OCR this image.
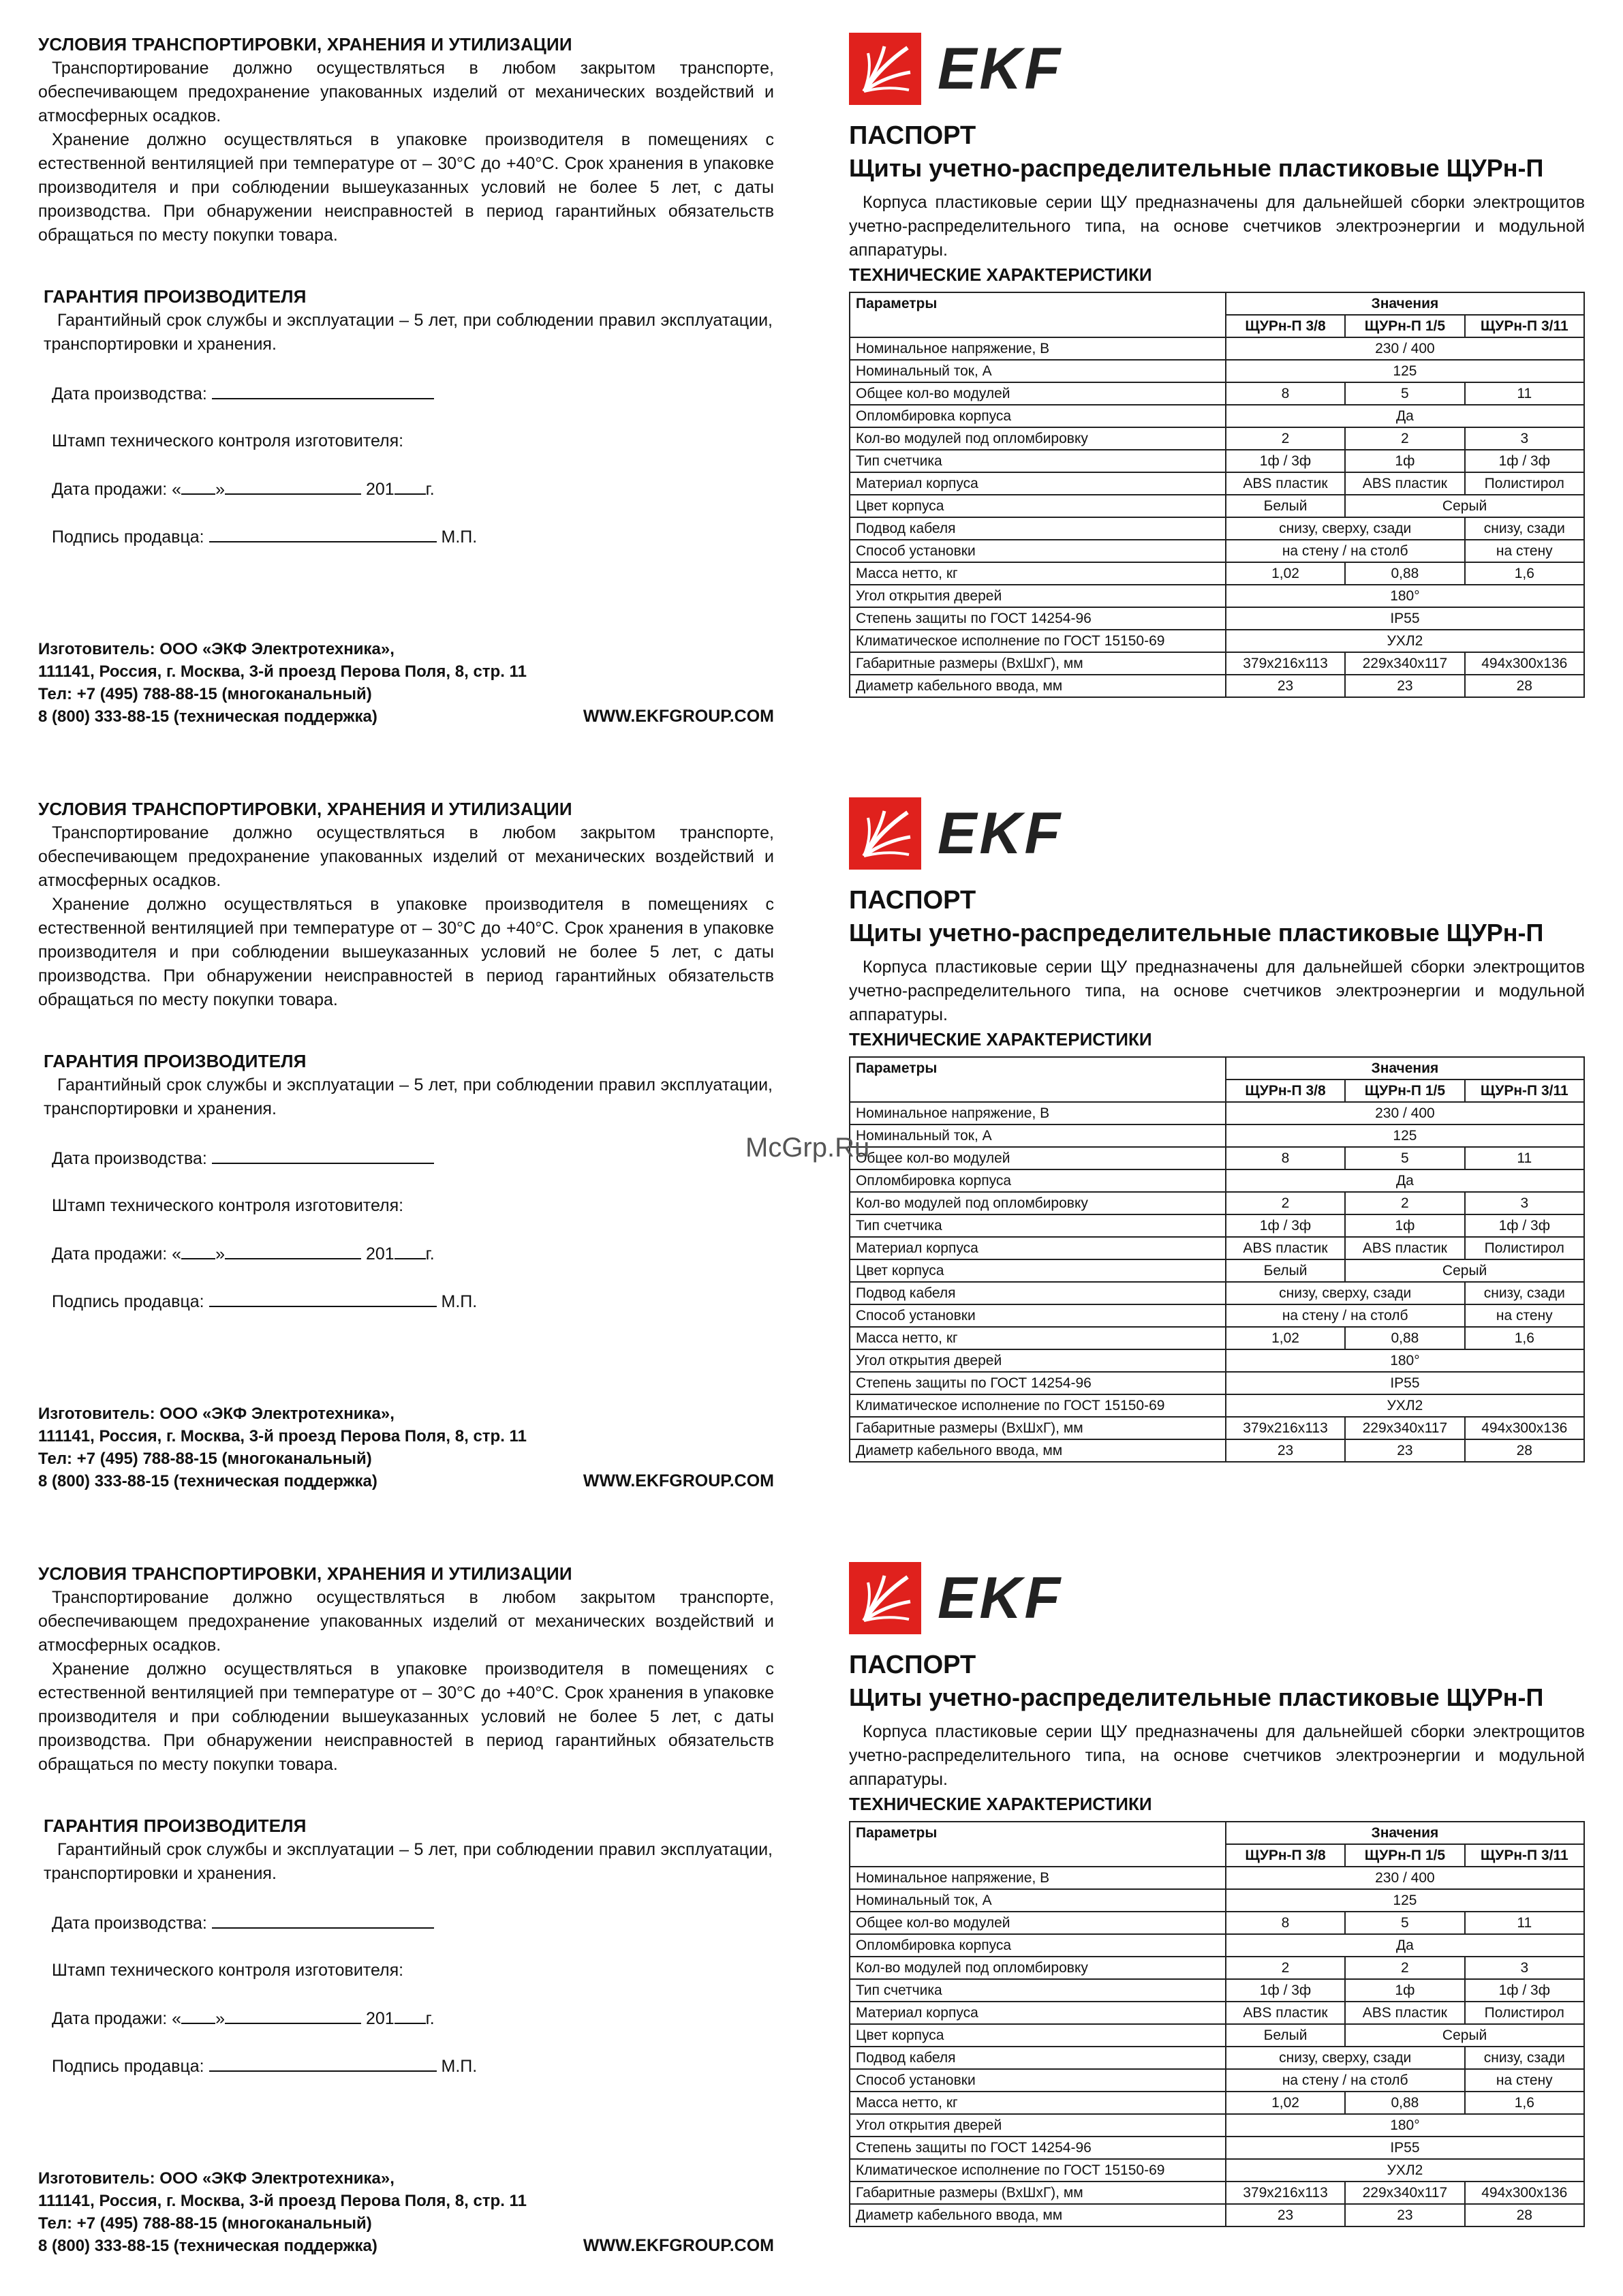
УСЛОВИЯ ТРАНСПОРТИРОВКИ, ХРАНЕНИЯ И УТИЛИЗАЦИИ

Транспортирование должно осуществляться в любом закрытом транспорте, обеспечивающем предохранение упакованных изделий от механических воздействий и атмосферных осадков.

Хранение должно осуществляться в упаковке производителя в помещениях с естественной вентиляцией при температуре от – 30°С до +40°С. Срок хранения в упаковке производителя и при соблюдении вышеуказанных условий не более 5 лет, с даты производства. При обнаружении неисправностей в период гарантийных обязательств обращаться по месту покупки товара.

ГАРАНТИЯ ПРОИЗВОДИТЕЛЯ

Гарантийный срок службы и эксплуатации – 5 лет, при соблюдении правил эксплуатации, транспортировки и хранения.

Дата производства:
Штамп технического контроля изготовителя:
Дата продажи: « »	201 г.
Подпись продавца:	М.П.
Изготовитель: ООО «ЭКФ Электротехника»,
111141, Россия, г. Москва, 3-й проезд Перова Поля, 8, стр. 11
Тел: +7 (495) 788-88-15 (многоканальный)
8 (800) 333-88-15 (техническая поддержка)	WWW.EKFGROUP.COM
EKF
ПАСПОРТ
Щиты учетно-распределительные пластиковые ЩУРн-П

Корпуса пластиковые серии ЩУ предназначены для дальнейшей сборки электрощитов учетно-распределительного типа, на основе счетчиков электроэнергии и модульной аппаратуры.

ТЕХНИЧЕСКИЕ ХАРАКТЕРИСТИКИ
Параметры	Значения		
	ЩУРн-П 3/8	ЩУРн-П 1/5	ЩУРн-П 3/11
Номинальное напряжение, В	230 / 400		
Номинальный ток, А	125		
Общее кол-во модулей	8	5	11
Опломбировка корпуса	Да		
Кол-во модулей под опломбировку	2	2	3
Тип счетчика	1ф / 3ф	1ф	1ф / 3ф
Материал корпуса	ABS пластик	ABS пластик	Полистирол
Цвет корпуса	Белый	Серый	
Подвод кабеля	снизу, сверху, сзади		снизу, сзади
Способ установки	на стену / на столб		на стену
Масса нетто, кг	1,02	0,88	1,6
Угол открытия дверей	180°		
Степень защиты по ГОСТ 14254-96	IP55		
Климатическое исполнение по ГОСТ 15150-69	УХЛ2		
Габаритные размеры (ВхШхГ), мм	379x216x113	229x340x117	494x300x136
Диаметр кабельного ввода, мм	23	23	28

УСЛОВИЯ ТРАНСПОРТИРОВКИ, ХРАНЕНИЯ И УТИЛИЗАЦИИ

Транспортирование должно осуществляться в любом закрытом транспорте, обеспечивающем предохранение упакованных изделий от механических воздействий и атмосферных осадков.

Хранение должно осуществляться в упаковке производителя в помещениях с естественной вентиляцией при температуре от – 30°С до +40°С. Срок хранения в упаковке производителя и при соблюдении вышеуказанных условий не более 5 лет, с даты производства. При обнаружении неисправностей в период гарантийных обязательств обращаться по месту покупки товара.

ГАРАНТИЯ ПРОИЗВОДИТЕЛЯ

Гарантийный срок службы и эксплуатации – 5 лет, при соблюдении правил эксплуатации, транспортировки и хранения.

Дата производства:
Штамп технического контроля изготовителя:
Дата продажи: « »	201 г.
Подпись продавца:	М.П.
Изготовитель: ООО «ЭКФ Электротехника»,
111141, Россия, г. Москва, 3-й проезд Перова Поля, 8, стр. 11
Тел: +7 (495) 788-88-15 (многоканальный)
8 (800) 333-88-15 (техническая поддержка)	WWW.EKFGROUP.COM
EKF
ПАСПОРТ
Щиты учетно-распределительные пластиковые ЩУРн-П

Корпуса пластиковые серии ЩУ предназначены для дальнейшей сборки электрощитов учетно-распределительного типа, на основе счетчиков электроэнергии и модульной аппаратуры.

ТЕХНИЧЕСКИЕ ХАРАКТЕРИСТИКИ
Параметры	Значения		
	ЩУРн-П 3/8	ЩУРн-П 1/5	ЩУРн-П 3/11
Номинальное напряжение, В	230 / 400		
Номинальный ток, А	125		
Общее кол-во модулей	8	5	11
Опломбировка корпуса	Да		
Кол-во модулей под опломбировку	2	2	3
Тип счетчика	1ф / 3ф	1ф	1ф / 3ф
Материал корпуса	ABS пластик	ABS пластик	Полистирол
Цвет корпуса	Белый	Серый	
Подвод кабеля	снизу, сверху, сзади		снизу, сзади
Способ установки	на стену / на столб		на стену
Масса нетто, кг	1,02	0,88	1,6
Угол открытия дверей	180°		
Степень защиты по ГОСТ 14254-96	IP55		
Климатическое исполнение по ГОСТ 15150-69	УХЛ2		
Габаритные размеры (ВхШхГ), мм	379x216x113	229x340x117	494x300x136
Диаметр кабельного ввода, мм	23	23	28

УСЛОВИЯ ТРАНСПОРТИРОВКИ, ХРАНЕНИЯ И УТИЛИЗАЦИИ

Транспортирование должно осуществляться в любом закрытом транспорте, обеспечивающем предохранение упакованных изделий от механических воздействий и атмосферных осадков.

Хранение должно осуществляться в упаковке производителя в помещениях с естественной вентиляцией при температуре от – 30°С до +40°С. Срок хранения в упаковке производителя и при соблюдении вышеуказанных условий не более 5 лет, с даты производства. При обнаружении неисправностей в период гарантийных обязательств обращаться по месту покупки товара.

ГАРАНТИЯ ПРОИЗВОДИТЕЛЯ

Гарантийный срок службы и эксплуатации – 5 лет, при соблюдении правил эксплуатации, транспортировки и хранения.

Дата производства:
Штамп технического контроля изготовителя:
Дата продажи: « »	201 г.
Подпись продавца:	М.П.
Изготовитель: ООО «ЭКФ Электротехника»,
111141, Россия, г. Москва, 3-й проезд Перова Поля, 8, стр. 11
Тел: +7 (495) 788-88-15 (многоканальный)
8 (800) 333-88-15 (техническая поддержка)	WWW.EKFGROUP.COM
EKF
ПАСПОРТ
Щиты учетно-распределительные пластиковые ЩУРн-П

Корпуса пластиковые серии ЩУ предназначены для дальнейшей сборки электрощитов учетно-распределительного типа, на основе счетчиков электроэнергии и модульной аппаратуры.

ТЕХНИЧЕСКИЕ ХАРАКТЕРИСТИКИ
Параметры	Значения		
	ЩУРн-П 3/8	ЩУРн-П 1/5	ЩУРн-П 3/11
Номинальное напряжение, В	230 / 400		
Номинальный ток, А	125		
Общее кол-во модулей	8	5	11
Опломбировка корпуса	Да		
Кол-во модулей под опломбировку	2	2	3
Тип счетчика	1ф / 3ф	1ф	1ф / 3ф
Материал корпуса	ABS пластик	ABS пластик	Полистирол
Цвет корпуса	Белый	Серый	
Подвод кабеля	снизу, сверху, сзади		снизу, сзади
Способ установки	на стену / на столб		на стену
Масса нетто, кг	1,02	0,88	1,6
Угол открытия дверей	180°		
Степень защиты по ГОСТ 14254-96	IP55		
Климатическое исполнение по ГОСТ 15150-69	УХЛ2		
Габаритные размеры (ВхШхГ), мм	379x216x113	229x340x117	494x300x136
Диаметр кабельного ввода, мм	23	23	28
McGrp.Ru
